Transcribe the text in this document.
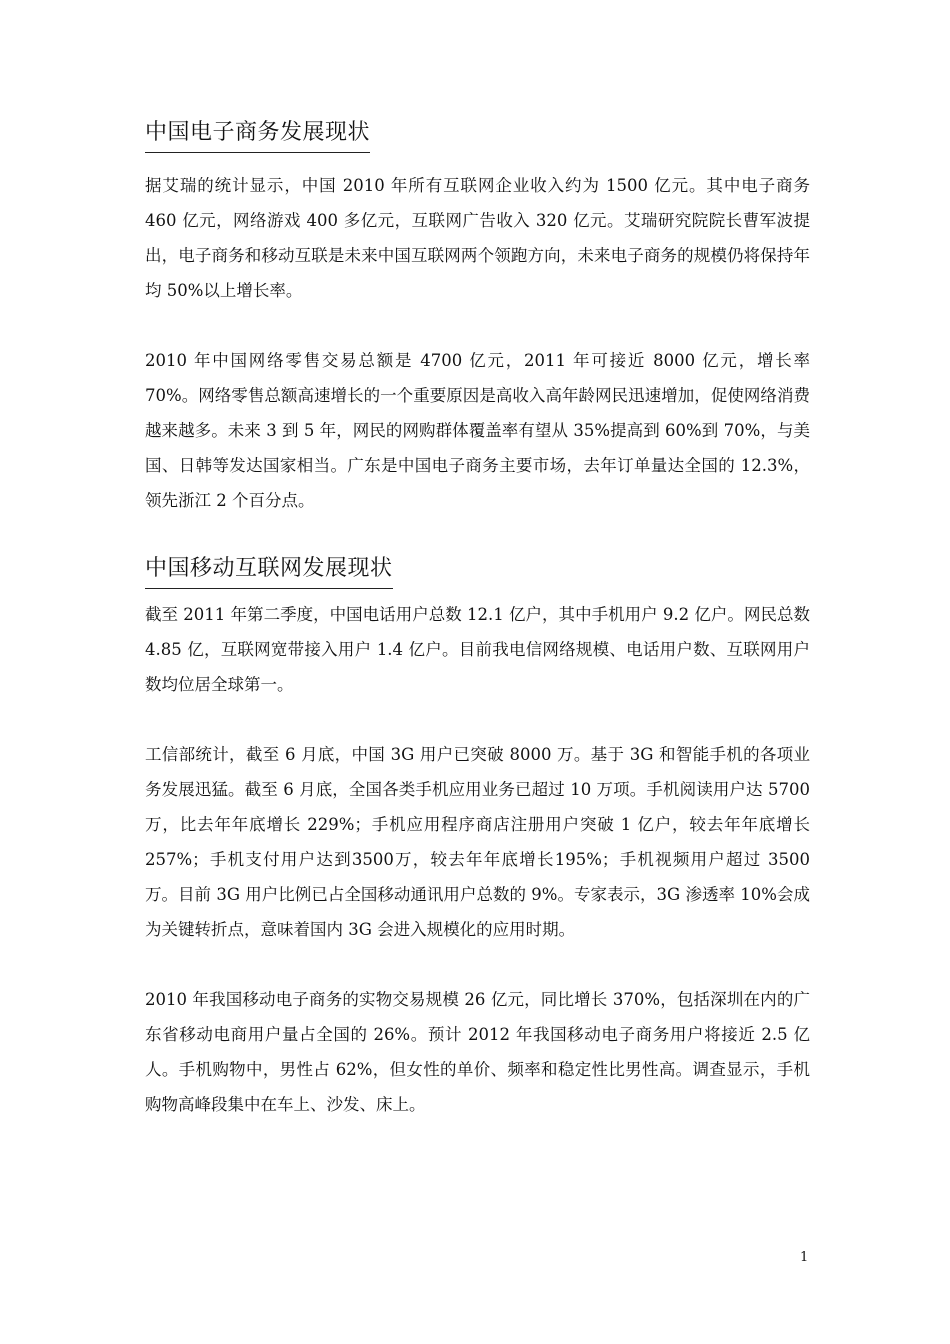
中国电子商务发展现状

据艾瑞的统计显示，中国 2010 年所有互联网企业收入约为 1500 亿元。其中电子商务 460 亿元，网络游戏 400 多亿元，互联网广告收入 320 亿元。艾瑞研究院院长曹军波提出，电子商务和移动互联是未来中国互联网两个领跑方向，未来电子商务的规模仍将保持年均 50%以上增长率。

2010 年中国网络零售交易总额是 4700 亿元，2011 年可接近 8000 亿元，增长率 70%。网络零售总额高速增长的一个重要原因是高收入高年龄网民迅速增加，促使网络消费越来越多。未来 3 到 5 年，网民的网购群体覆盖率有望从 35%提高到 60%到 70%，与美国、日韩等发达国家相当。广东是中国电子商务主要市场，去年订单量达全国的 12.3%，领先浙江 2 个百分点。

中国移动互联网发展现状

截至 2011 年第二季度，中国电话用户总数 12.1 亿户，其中手机用户 9.2 亿户。网民总数 4.85 亿，互联网宽带接入用户 1.4 亿户。目前我电信网络规模、电话用户数、互联网用户数均位居全球第一。

工信部统计，截至 6 月底，中国 3G 用户已突破 8000 万。基于 3G 和智能手机的各项业务发展迅猛。截至 6 月底，全国各类手机应用业务已超过 10 万项。手机阅读用户达 5700 万，比去年年底增长 229%；手机应用程序商店注册用户突破 1 亿户，较去年年底增长257%；手机支付用户达到3500万，较去年年底增长195%；手机视频用户超过 3500 万。目前 3G 用户比例已占全国移动通讯用户总数的 9%。专家表示，3G 渗透率 10%会成为关键转折点，意味着国内 3G 会进入规模化的应用时期。

2010 年我国移动电子商务的实物交易规模 26 亿元，同比增长 370%，包括深圳在内的广东省移动电商用户量占全国的 26%。预计 2012 年我国移动电子商务用户将接近 2.5 亿人。手机购物中，男性占 62%，但女性的单价、频率和稳定性比男性高。调查显示，手机购物高峰段集中在车上、沙发、床上。

1
